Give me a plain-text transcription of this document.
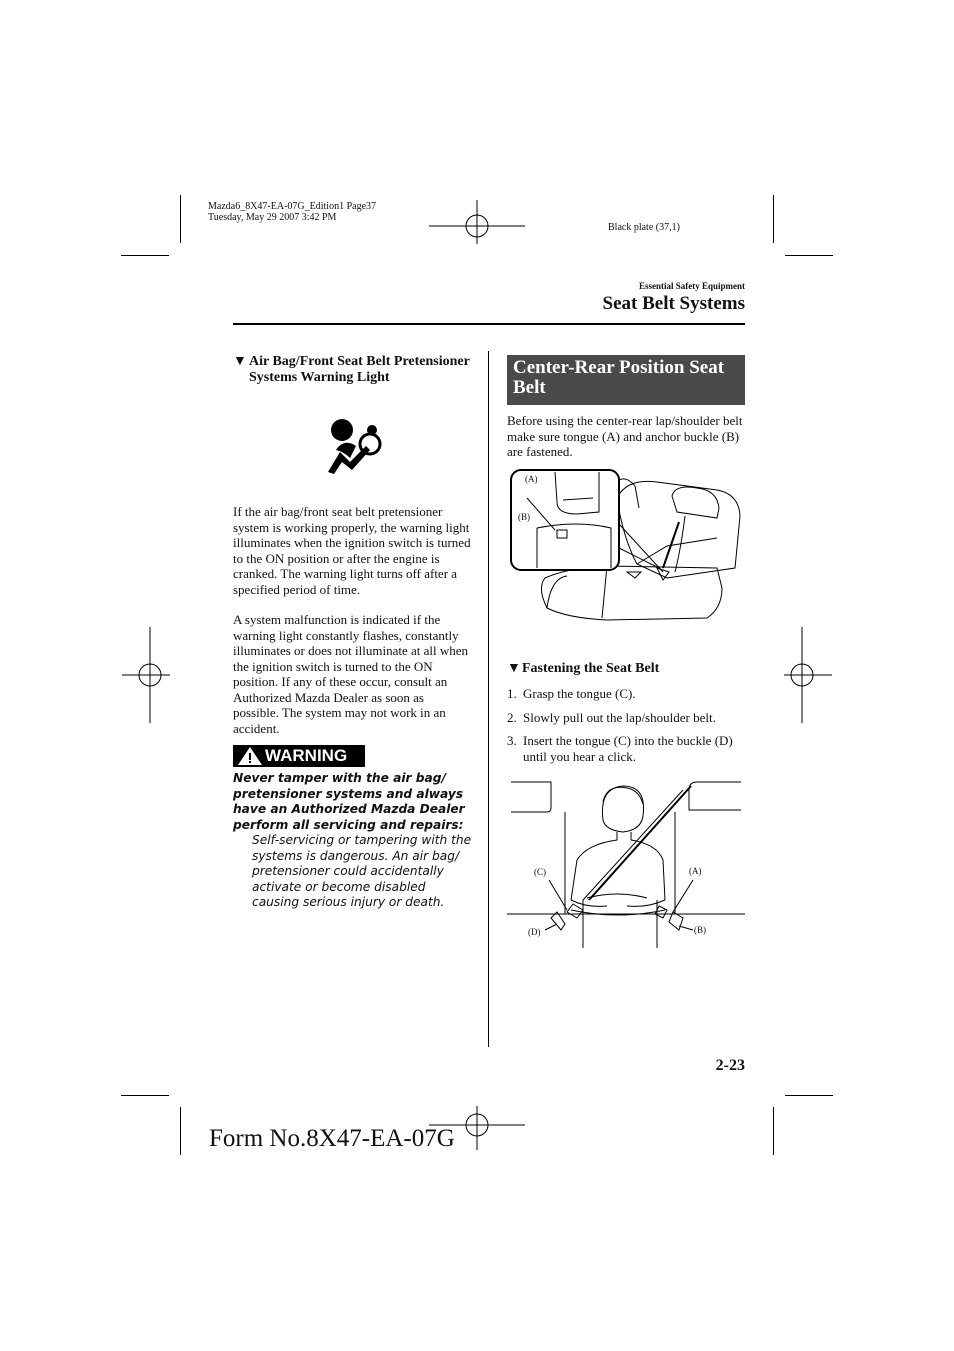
Mazda6_8X47-EA-07G_Edition1 Page37
Tuesday, May 29 2007 3:42 PM
Black plate (37,1)
Essential Safety Equipment
Seat Belt Systems
▼ Air Bag/Front Seat Belt Pretensioner Systems Warning Light
If the air bag/front seat belt pretensioner system is working properly, the warning light illuminates when the ignition switch is turned to the ON position or after the engine is cranked. The warning light turns off after a specified period of time.
A system malfunction is indicated if the warning light constantly flashes, constantly illuminates or does not illuminate at all when the ignition switch is turned to the ON position. If any of these occur, consult an Authorized Mazda Dealer as soon as possible. The system may not work in an accident.
WARNING
Never tamper with the air bag/ pretensioner systems and always have an Authorized Mazda Dealer perform all servicing and repairs:
Self-servicing or tampering with the systems is dangerous. An air bag/ pretensioner could accidentally activate or become disabled causing serious injury or death.
Center-Rear Position Seat Belt
Before using the center-rear lap/shoulder belt make sure tongue (A) and anchor buckle (B) are fastened.
(A)
(B)
▼ Fastening the Seat Belt
1. Grasp the tongue (C).
2. Slowly pull out the lap/shoulder belt.
3. Insert the tongue (C) into the buckle (D) until you hear a click.
(C)	(A)
(D)	(B)
2-23
Form No.8X47-EA-07G
